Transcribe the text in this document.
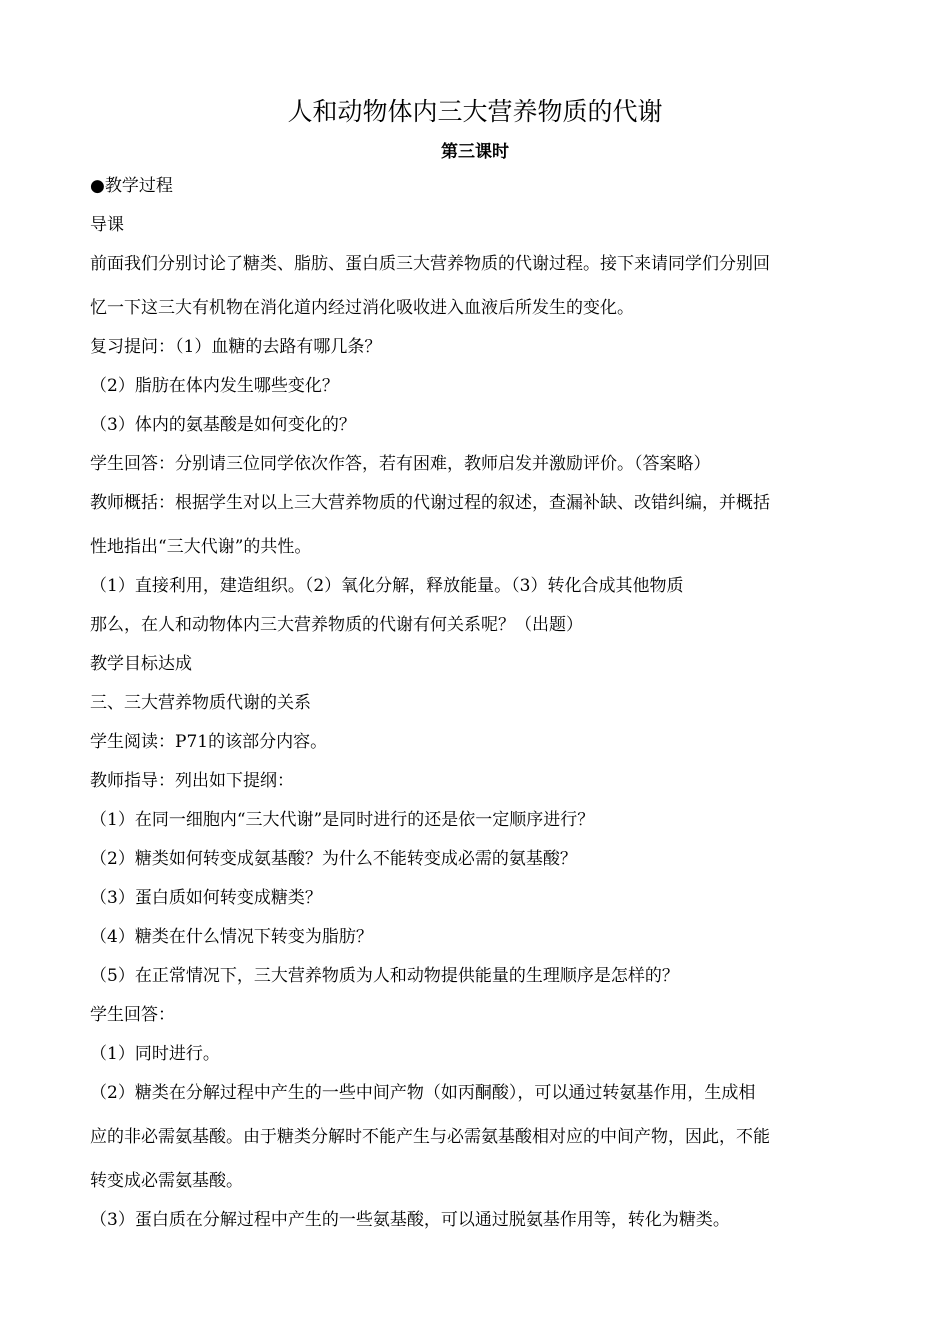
人和动物体内三大营养物质的代谢
第三课时
●教学过程
导课
前面我们分别讨论了糖类、脂肪、蛋白质三大营养物质的代谢过程。接下来请同学们分别回
忆一下这三大有机物在消化道内经过消化吸收进入血液后所发生的变化。
复习提问：（1）血糖的去路有哪几条？
（2）脂肪在体内发生哪些变化？
（3）体内的氨基酸是如何变化的？
学生回答：分别请三位同学依次作答，若有困难，教师启发并激励评价。（答案略）
教师概括：根据学生对以上三大营养物质的代谢过程的叙述，查漏补缺、改错纠编，并概括
性地指出“三大代谢”的共性。
（1）直接利用，建造组织。（2）氧化分解，释放能量。（3）转化合成其他物质
那么，在人和动物体内三大营养物质的代谢有何关系呢？（出题）
教学目标达成
三、三大营养物质代谢的关系
学生阅读：P71的该部分内容。
教师指导：列出如下提纲：
（1）在同一细胞内“三大代谢”是同时进行的还是依一定顺序进行？
（2）糖类如何转变成氨基酸？为什么不能转变成必需的氨基酸？
（3）蛋白质如何转变成糖类？
（4）糖类在什么情况下转变为脂肪？
（5）在正常情况下，三大营养物质为人和动物提供能量的生理顺序是怎样的？
学生回答：
（1）同时进行。
（2）糖类在分解过程中产生的一些中间产物（如丙酮酸），可以通过转氨基作用，生成相
应的非必需氨基酸。由于糖类分解时不能产生与必需氨基酸相对应的中间产物，因此，不能
转变成必需氨基酸。
（3）蛋白质在分解过程中产生的一些氨基酸，可以通过脱氨基作用等，转化为糖类。
